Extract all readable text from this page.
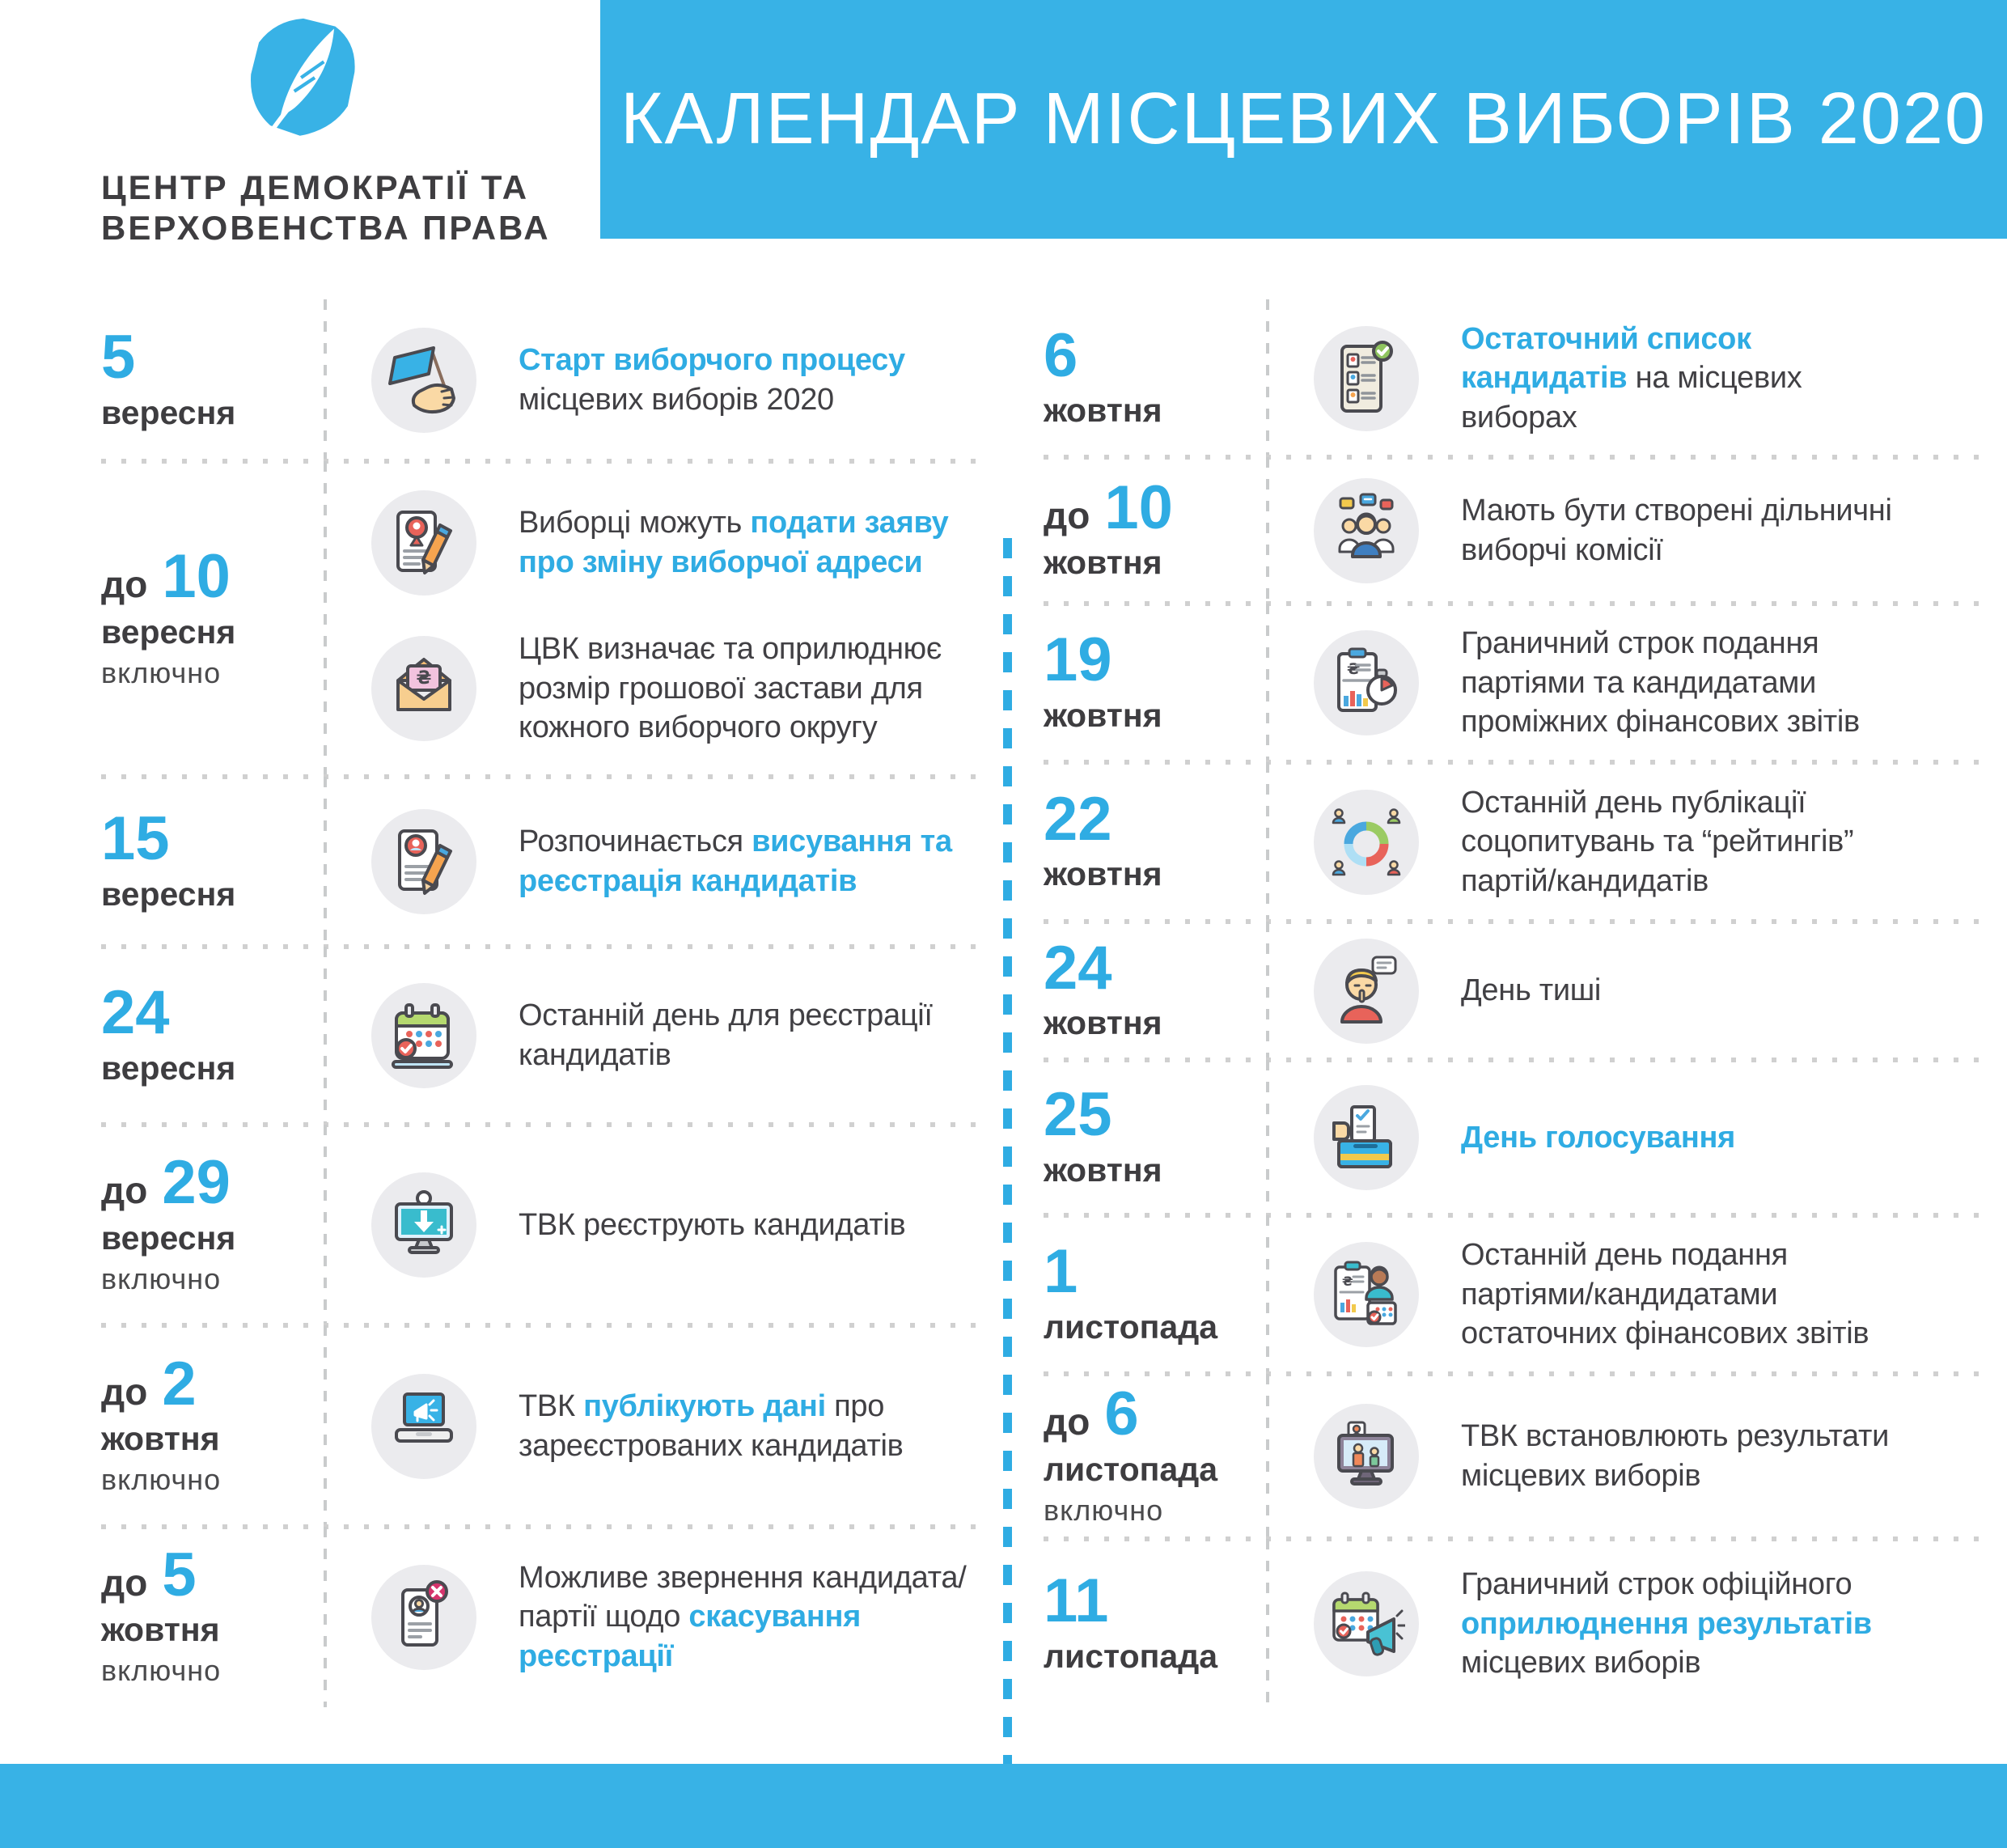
ЦЕНТР ДЕМОКРАТІЇ ТА
ВЕРХОВЕНСТВА ПРАВА
КАЛЕНДАР МІСЦЕВИХ ВИБОРІВ 2020
5
вересня
Старт виборчого процесу місцевих виборів 2020
до 10
вересня
включно
Виборці можуть подати заяву про зміну виборчої адреси
₴
ЦВК визначає та оприлюднює розмір грошової застави для кожного виборчого округу
15
вересня
Розпочинається висування та реєстрація кандидатів
24
вересня
Останній день для реєстрації кандидатів
до 29
вересня
включно
ТВК реєструють кандидатів
до 2
жовтня
включно
ТВК публікують дані про зареєстрованих кандидатів
до 5
жовтня
включно
Можливе звернення кандидата/партії щодо скасування реєстрації
6
жовтня
Остаточний список кандидатів на місцевих виборах
до 10
жовтня
Мають бути створені дільничні виборчі комісії
19
жовтня
₴
Граничний строк подання партіями та кандидатами проміжних фінансових звітів
22
жовтня
Останній день публікації соцопитувань та “рейтингів” партій/кандидатів
24
жовтня
День тиші
25
жовтня
День голосування
1
листопада
₴
Останній день подання партіями/кандидатами остаточних фінансових звітів
до 6
листопада
включно
ТВК встановлюють результати місцевих виборів
11
листопада
Граничний строк офіційного оприлюднення результатів місцевих виборів
